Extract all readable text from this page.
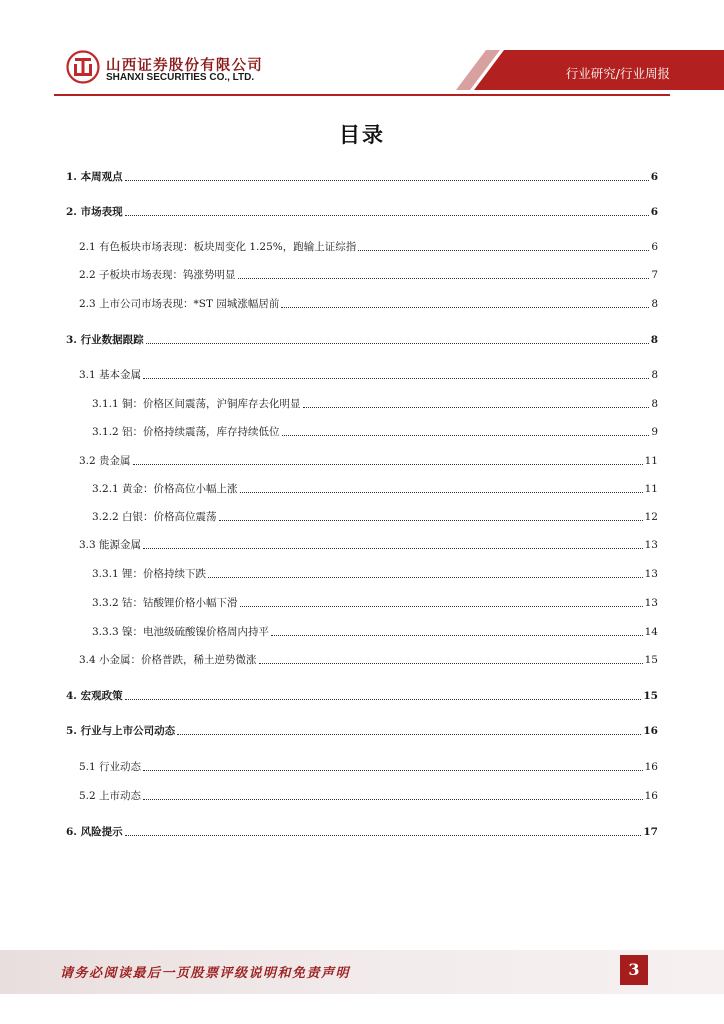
山西证券股份有限公司
SHANXI SECURITIES CO., LTD.	行业研究/行业周报
目录
1. 本周观点	6
2. 市场表现	6
2.1 有色板块市场表现：板块周变化 1.25%，跑输上证综指	6
2.2 子板块市场表现：钨涨势明显	7
2.3 上市公司市场表现：*ST 园城涨幅居前	8
3. 行业数据跟踪	8
3.1 基本金属	8
3.1.1 铜：价格区间震荡，沪铜库存去化明显	8
3.1.2 铝：价格持续震荡，库存持续低位	9
3.2 贵金属	11
3.2.1 黄金：价格高位小幅上涨	11
3.2.2 白银：价格高位震荡	12
3.3 能源金属	13
3.3.1 锂：价格持续下跌	13
3.3.2 钴：钴酸锂价格小幅下滑	13
3.3.3 镍：电池级硫酸镍价格周内持平	14
3.4 小金属：价格普跌，稀土逆势微涨	15
4. 宏观政策	15
5. 行业与上市公司动态	16
5.1 行业动态	16
5.2 上市动态	16
6. 风险提示	17
请务必阅读最后一页股票评级说明和免责声明	3
